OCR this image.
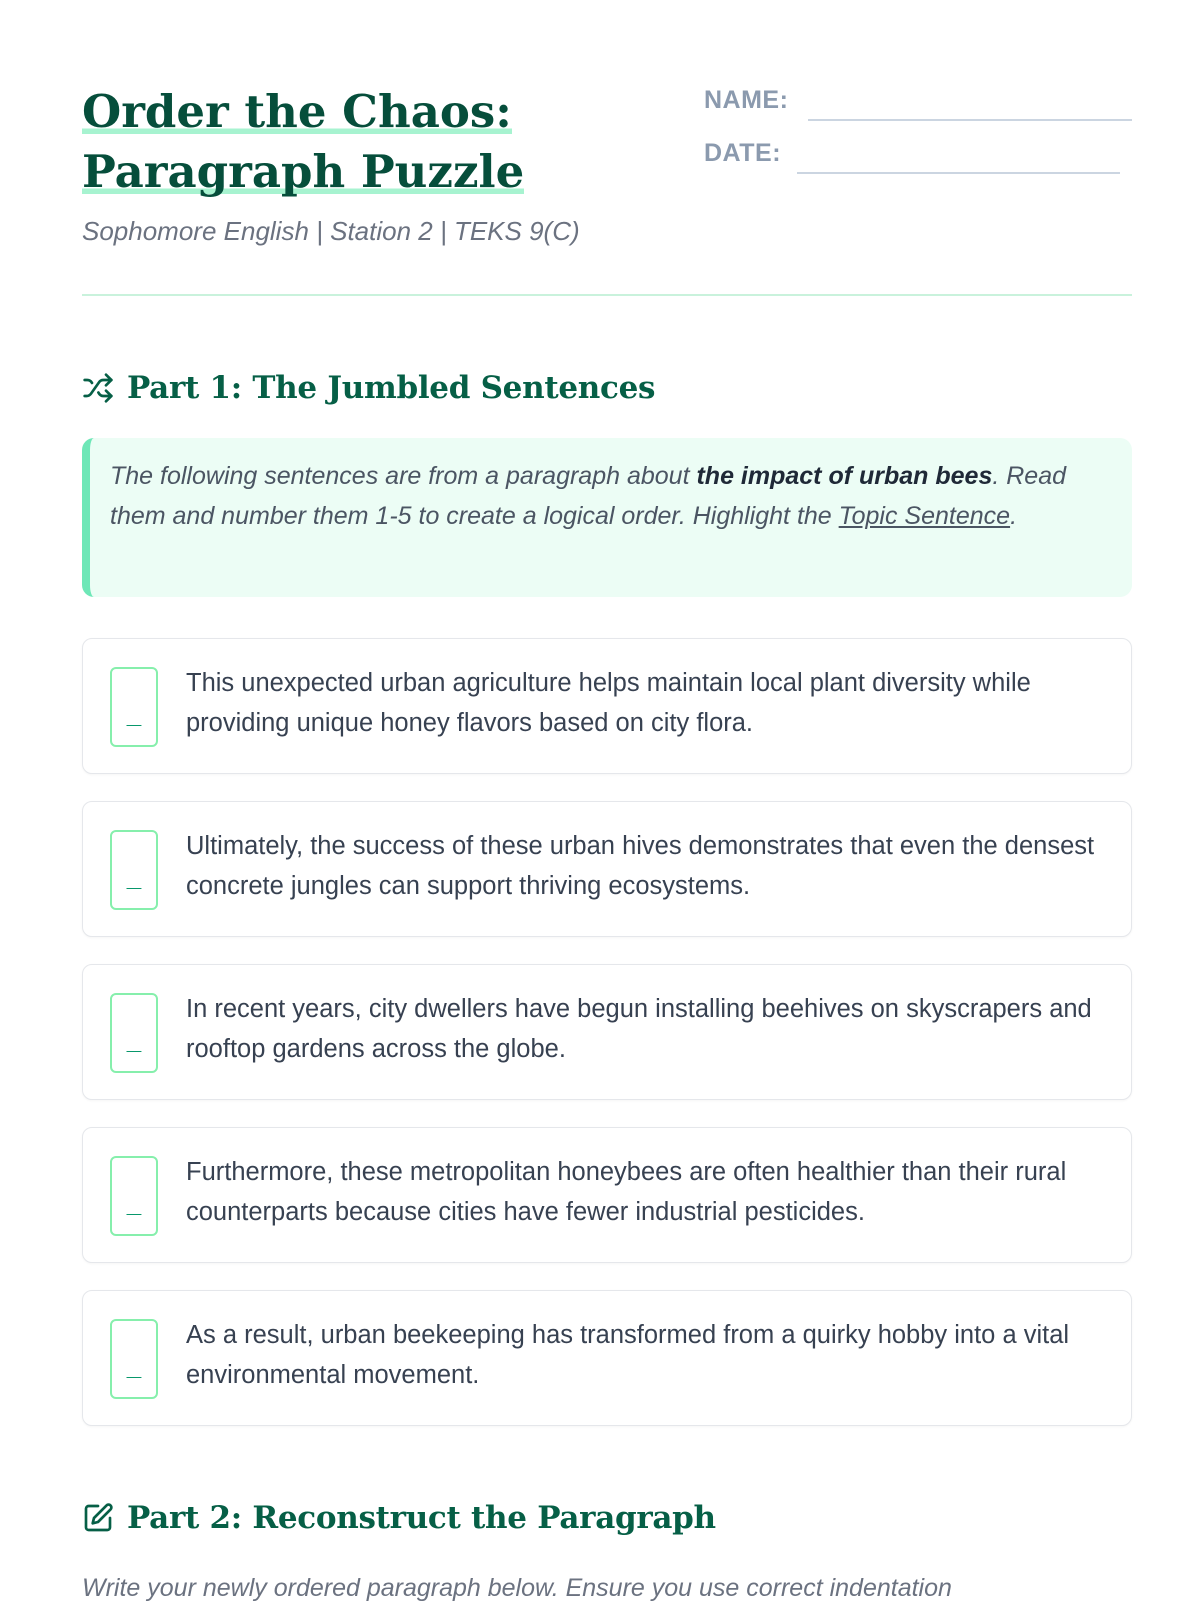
Order the Chaos:
Paragraph Puzzle
Sophomore English | Station 2 | TEKS 9(C)
NAME:
DATE:
Part 1: The Jumbled Sentences
The following sentences are from a paragraph about the impact of urban bees. Read them and number them 1-5 to create a logical order. Highlight the Topic Sentence.
_
This unexpected urban agriculture helps maintain local plant diversity while providing unique honey flavors based on city flora.
_
Ultimately, the success of these urban hives demonstrates that even the densest concrete jungles can support thriving ecosystems.
_
In recent years, city dwellers have begun installing beehives on skyscrapers and rooftop gardens across the globe.
_
Furthermore, these metropolitan honeybees are often healthier than their rural counterparts because cities have fewer industrial pesticides.
_
As a result, urban beekeeping has transformed from a quirky hobby into a vital environmental movement.
Part 2: Reconstruct the Paragraph
Write your newly ordered paragraph below. Ensure you use correct indentation
